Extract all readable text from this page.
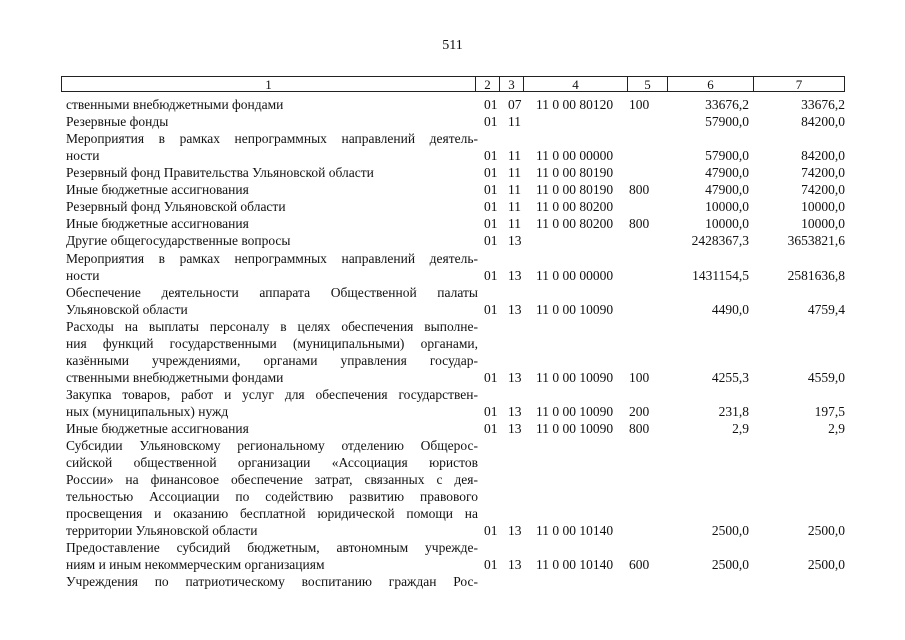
511
1	2	3	4	5	6	7
ственными внебюджетными фондами	01 07 11 0 00 80120 100	33676,2	33676,2
Резервные фонды	01 11	57900,0	84200,0
Мероприятия в рамках непрограммных направлений деятель-
ности	01 11 11 0 00 00000	57900,0	84200,0
Резервный фонд Правительства Ульяновской области	01 11 11 0 00 80190	47900,0	74200,0
Иные бюджетные ассигнования	01 11 11 0 00 80190 800	47900,0	74200,0
Резервный фонд Ульяновской области	01 11 11 0 00 80200	10000,0	10000,0
Иные бюджетные ассигнования	01 11 11 0 00 80200 800	10000,0	10000,0
Другие общегосударственные вопросы	01 13	2428367,3	3653821,6
Мероприятия в рамках непрограммных направлений деятель-
ности	01 13 11 0 00 00000	1431154,5	2581636,8
Обеспечение деятельности аппарата Общественной палаты
Ульяновской области	01 13 11 0 00 10090	4490,0	4759,4
Расходы на выплаты персоналу в целях обеспечения выполне-
ния функций государственными (муниципальными) органами,
казёнными учреждениями, органами управления государ-
ственными внебюджетными фондами	01 13 11 0 00 10090 100	4255,3	4559,0
Закупка товаров, работ и услуг для обеспечения государствен-
ных (муниципальных) нужд	01 13 11 0 00 10090 200	231,8	197,5
Иные бюджетные ассигнования	01 13 11 0 00 10090 800	2,9	2,9
Субсидии Ульяновскому региональному отделению Общерос-
сийской общественной организации «Ассоциация юристов
России» на финансовое обеспечение затрат, связанных с дея-
тельностью Ассоциации по содействию развитию правового
просвещения и оказанию бесплатной юридической помощи на
территории Ульяновской области	01 13 11 0 00 10140	2500,0	2500,0
Предоставление субсидий бюджетным, автономным учрежде-
ниям и иным некоммерческим организациям	01 13 11 0 00 10140 600	2500,0	2500,0
Учреждения по патриотическому воспитанию граждан Рос-
